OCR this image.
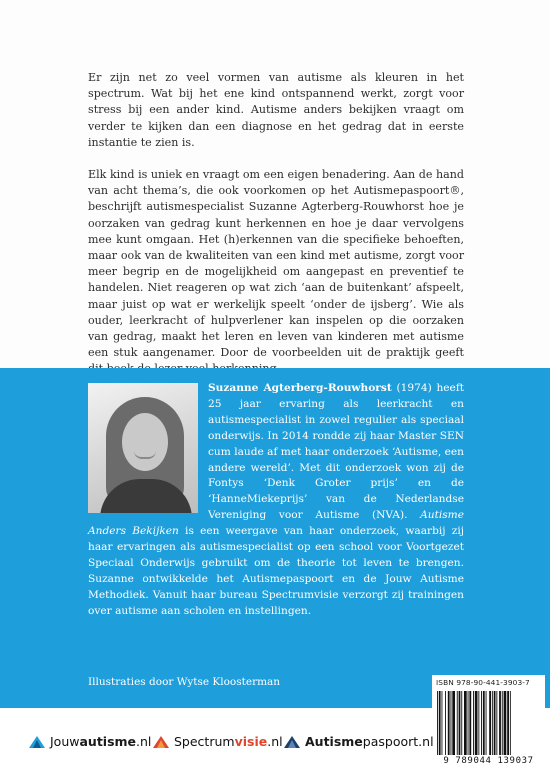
Er zijn net zo veel vormen van autisme als kleuren in het spectrum. Wat bij het ene kind ontspannend werkt, zorgt voor stress bij een ander kind. Autisme anders bekijken vraagt om verder te kijken dan een diagnose en het gedrag dat in eerste instantie te zien is.

Elk kind is uniek en vraagt om een eigen benadering. Aan de hand van acht thema’s, die ook voorkomen op het Autismepaspoort®, beschrijft autismespecialist Suzanne Agterberg-Rouwhorst hoe je oorzaken van gedrag kunt herkennen en hoe je daar vervolgens mee kunt omgaan. Het (h)erkennen van die specifieke behoeften, maar ook van de kwaliteiten van een kind met autisme, zorgt voor meer begrip en de mogelijkheid om aangepast en preventief te handelen. Niet reageren op wat zich ‘aan de buitenkant’ afspeelt, maar juist op wat er werkelijk speelt ‘onder de ijsberg’. Wie als ouder, leerkracht of hulpverlener kan inspelen op die oorzaken van gedrag, maakt het leren en leven van kinderen met autisme een stuk aangenamer. Door de voorbeelden uit de praktijk geeft

Suzanne Agterberg-Rouwhorst (1974) heeft 25 jaar ervaring als leerkracht en autismespecialist in zowel regulier als speciaal onderwijs. In 2014 rondde zij haar Master SEN cum laude af met haar onderzoek ‘Autisme, een andere wereld’. Met dit onderzoek won zij de Fontys ‘Denk Groter prijs’ en de ‘HanneMiekeprijs’ van de Nederlandse Vereniging voor Autisme (NVA). Autisme Anders Bekijken is een weergave van haar onderzoek, waarbij zij haar ervaringen als autismespecialist op een school voor Voortgezet Speciaal Onderwijs gebruikt om de theorie tot leven te brengen. Suzanne ontwikkelde het Autismepaspoort en de Jouw Autisme Methodiek. Vanuit haar bureau Spectrumvisie verzorgt zij trainingen over autisme aan scholen en instellingen.
Illustraties door Wytse Kloosterman	ISBN 978-90-441-3903-7
9 789044 139037
Jouw autisme .nl Spectrum visie .nl Autisme paspoort .nl
